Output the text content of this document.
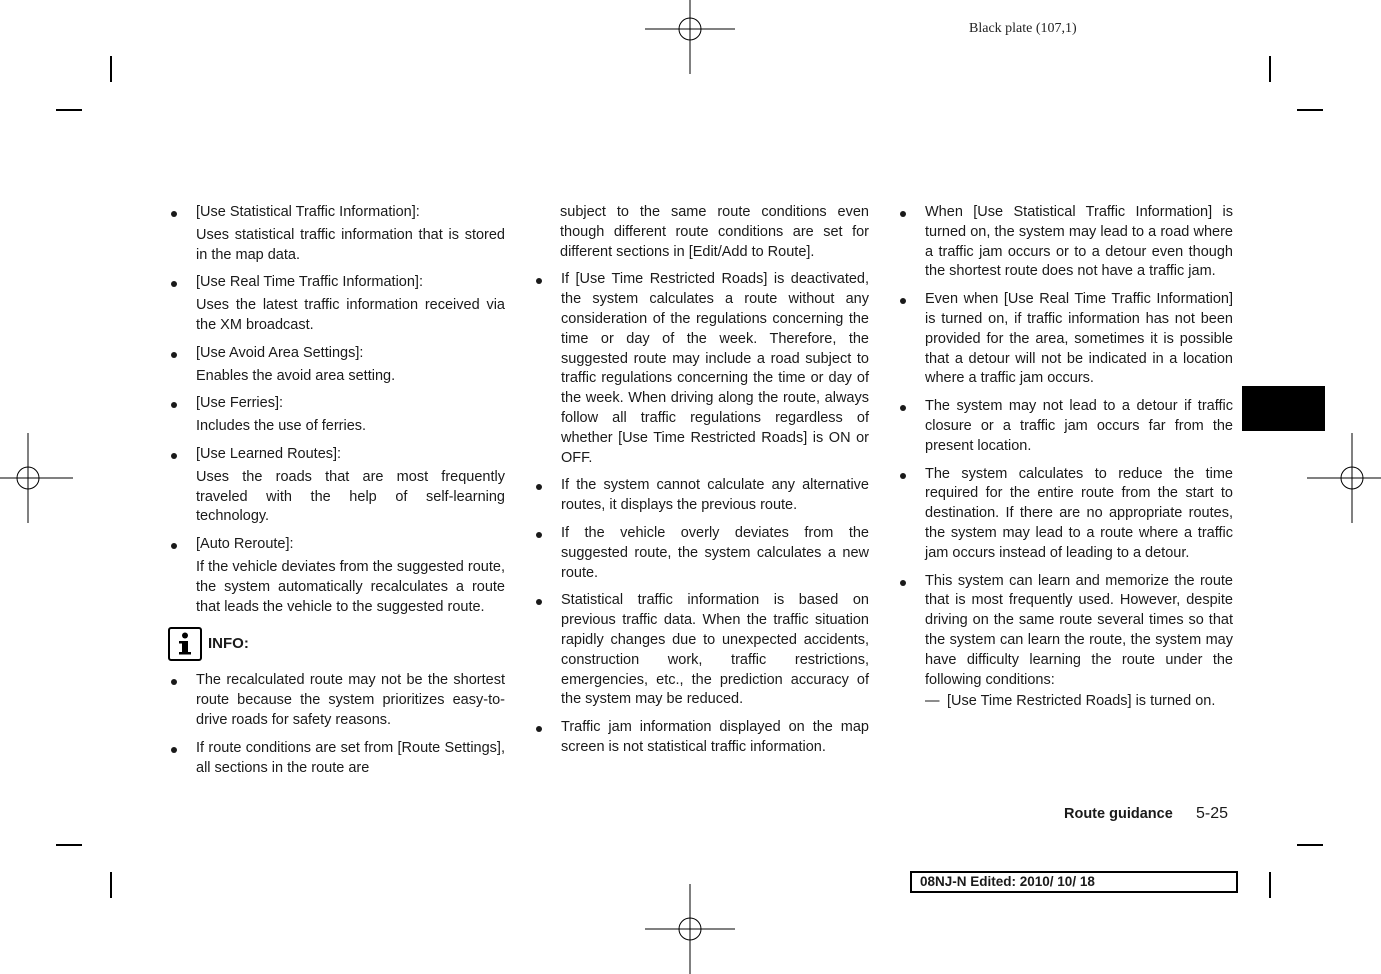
Black plate (107,1)
[Use Statistical Traffic Information]:
Uses statistical traffic information that is stored in the map data.
[Use Real Time Traffic Information]:
Uses the latest traffic information received via the XM broadcast.
[Use Avoid Area Settings]:
Enables the avoid area setting.
[Use Ferries]:
Includes the use of ferries.
[Use Learned Routes]:
Uses the roads that are most frequently traveled with the help of self-learning technology.
[Auto Reroute]:
If the vehicle deviates from the suggested route, the system automatically recalculates a route that leads the vehicle to the suggested route.
INFO:
The recalculated route may not be the shortest route because the system prioritizes easy-to-drive roads for safety reasons.
If route conditions are set from [Route Settings], all sections in the route are
subject to the same route conditions even though different route conditions are set for different sections in [Edit/Add to Route].
If [Use Time Restricted Roads] is deactivated, the system calculates a route without any consideration of the regulations concerning the time or day of the week. Therefore, the suggested route may include a road subject to traffic regulations concerning the time or day of the week. When driving along the route, always follow all traffic regulations regardless of whether [Use Time Restricted Roads] is ON or OFF.
If the system cannot calculate any alternative routes, it displays the previous route.
If the vehicle overly deviates from the suggested route, the system calculates a new route.
Statistical traffic information is based on previous traffic data. When the traffic situation rapidly changes due to unexpected accidents, construction work, traffic restrictions, emergencies, etc., the prediction accuracy of the system may be reduced.
Traffic jam information displayed on the map screen is not statistical traffic information.
When [Use Statistical Traffic Information] is turned on, the system may lead to a road where a traffic jam occurs or to a detour even though the shortest route does not have a traffic jam.
Even when [Use Real Time Traffic Information] is turned on, if traffic information has not been provided for the area, sometimes it is possible that a detour will not be indicated in a location where a traffic jam occurs.
The system may not lead to a detour if traffic closure or a traffic jam occurs far from the present location.
The system calculates to reduce the time required for the entire route from the start to destination. If there are no appropriate routes, the system may lead to a route where a traffic jam occurs instead of leading to a detour.
This system can learn and memorize the route that is most frequently used. However, despite driving on the same route several times so that the system can learn the route, the system may have difficulty learning the route under the following conditions:
— [Use Time Restricted Roads] is turned on.
Route guidance 5-25
08NJ-N Edited: 2010/ 10/ 18
